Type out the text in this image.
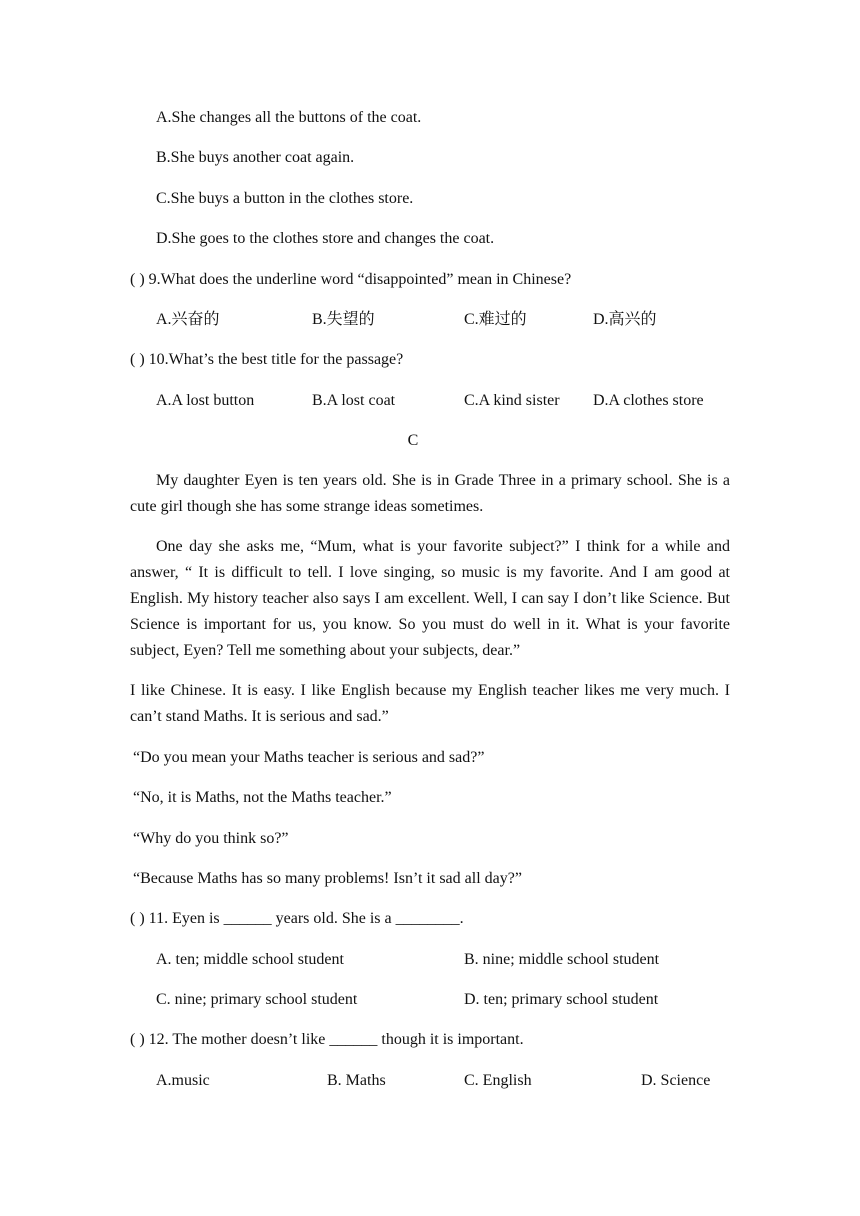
A.She changes all the buttons of the coat.
B.She buys another coat again.
C.She buys a button in the clothes store.
D.She goes to the clothes store and changes the coat.
( ) 9.What does the underline word “disappointed” mean in Chinese?
A.兴奋的	B.失望的	C.难过的	D.高兴的
( ) 10.What’s the best title for the passage?
A.A lost button	B.A lost coat	C.A kind sister D.A clothes store
C
My daughter Eyen is ten years old. She is in Grade Three in a primary school. She is a cute girl though she has some strange ideas sometimes.
One day she asks me, “Mum, what is your favorite subject?” I think for a while and answer, “ It is difficult to tell. I love singing, so music is my favorite. And I am good at English. My history teacher also says I am excellent. Well, I can say I don’t like Science. But Science is important for us, you know. So you must do well in it. What is your favorite subject, Eyen? Tell me something about your subjects, dear.”
I like Chinese. It is easy. I like English because my English teacher likes me very much. I can’t stand Maths. It is serious and sad.”
“Do you mean your Maths teacher is serious and sad?”
“No, it is Maths, not the Maths teacher.”
“Why do you think so?”
“Because Maths has so many problems! Isn’t it sad all day?”
( ) 11. Eyen is ______ years old. She is a ________.
A. ten; middle school student	B. nine; middle school student
C. nine; primary school student	D. ten; primary school student
( ) 12. The mother doesn’t like ______ though it is important.
A.music	B. Maths	C. English	D. Science
